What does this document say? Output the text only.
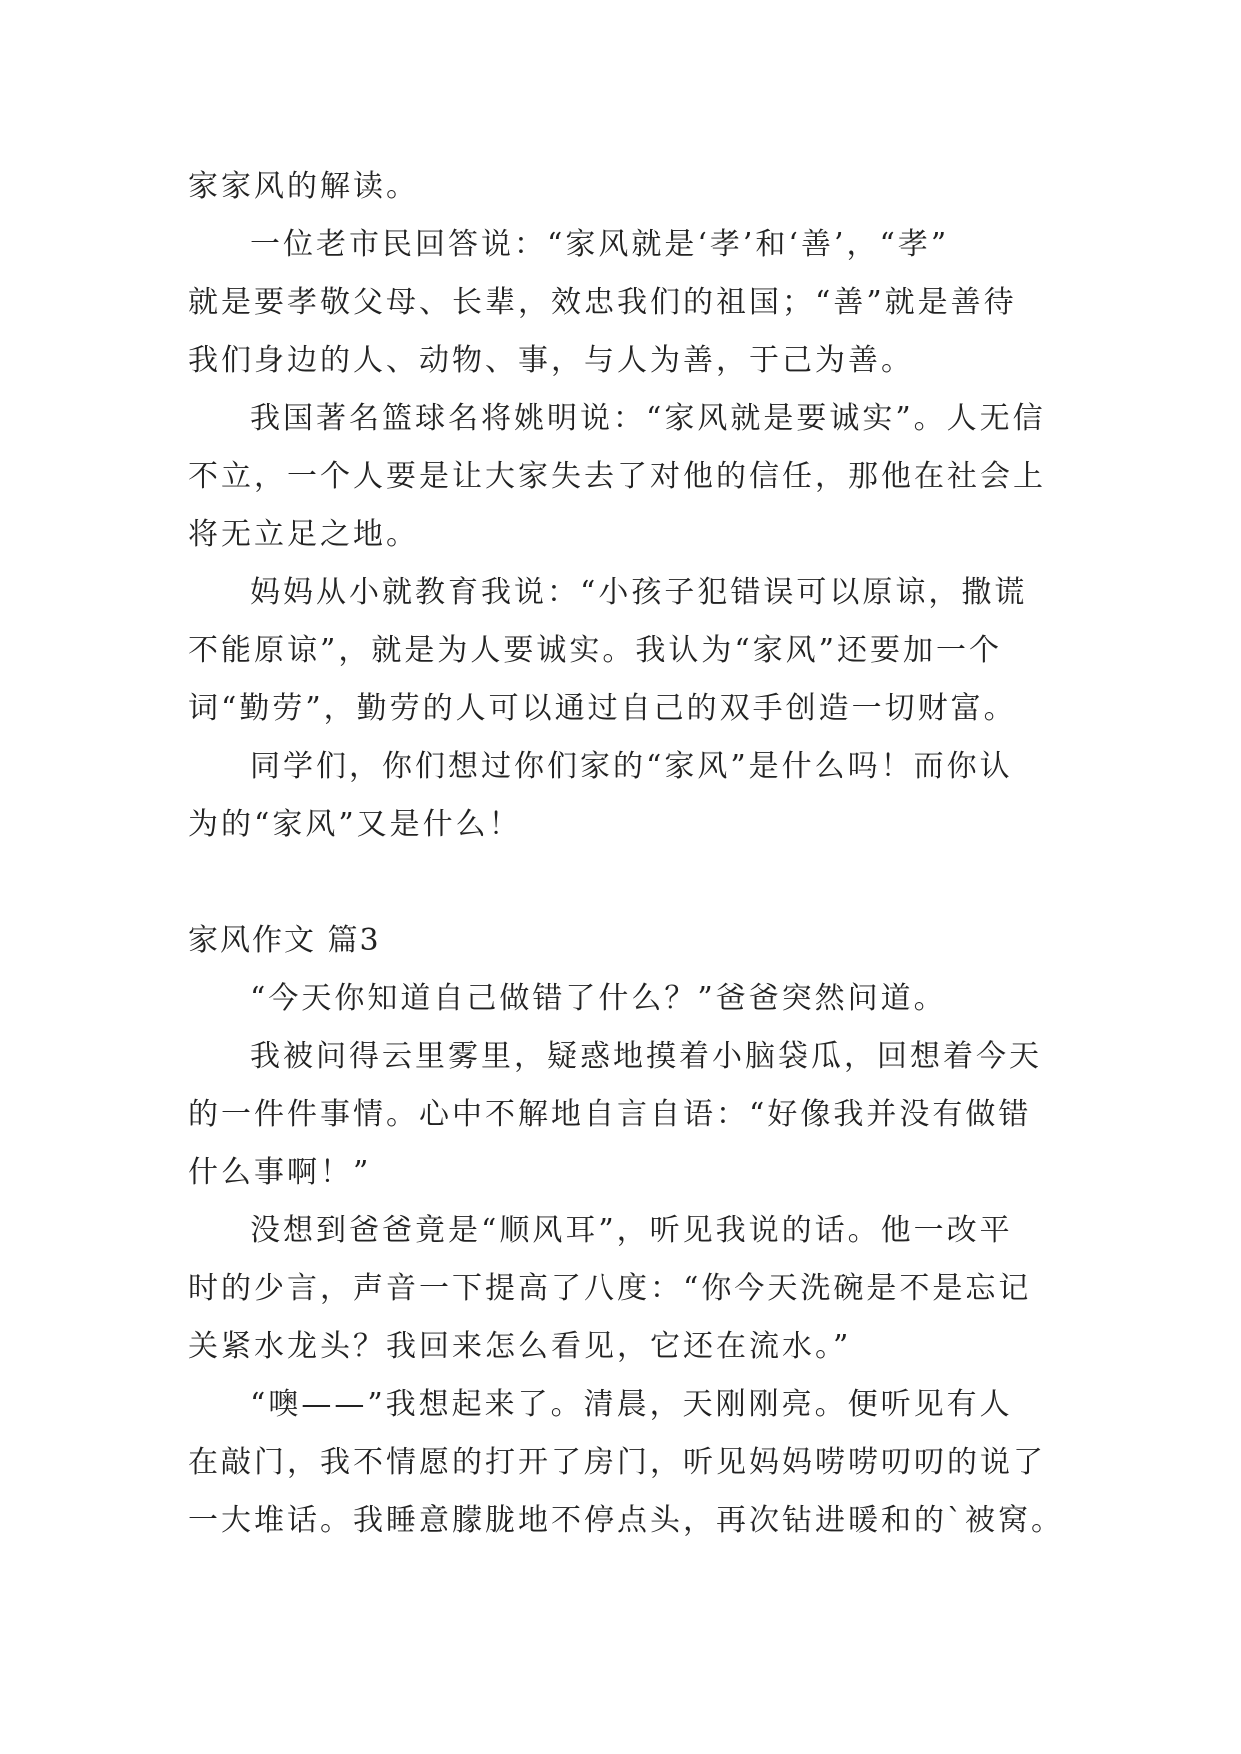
家家风的解读。
一位老市民回答说：“家风就是‘孝’和‘善’，“孝”
就是要孝敬父母、长辈，效忠我们的祖国；“善”就是善待
我们身边的人、动物、事，与人为善，于己为善。
我国著名篮球名将姚明说：“家风就是要诚实”。人无信
不立，一个人要是让大家失去了对他的信任，那他在社会上
将无立足之地。
妈妈从小就教育我说：“小孩子犯错误可以原谅，撒谎
不能原谅”，就是为人要诚实。我认为“家风”还要加一个
词“勤劳”，勤劳的人可以通过自己的双手创造一切财富。
同学们，你们想过你们家的“家风”是什么吗！而你认
为的“家风”又是什么！
家风作文 篇3
“今天你知道自己做错了什么？”爸爸突然问道。
我被问得云里雾里，疑惑地摸着小脑袋瓜，回想着今天
的一件件事情。心中不解地自言自语：“好像我并没有做错
什么事啊！”
没想到爸爸竟是“顺风耳”，听见我说的话。他一改平
时的少言，声音一下提高了八度：“你今天洗碗是不是忘记
关紧水龙头？我回来怎么看见，它还在流水。”
“噢——”我想起来了。清晨，天刚刚亮。便听见有人
在敲门，我不情愿的打开了房门，听见妈妈唠唠叨叨的说了
一大堆话。我睡意朦胧地不停点头，再次钻进暖和的`被窝。
